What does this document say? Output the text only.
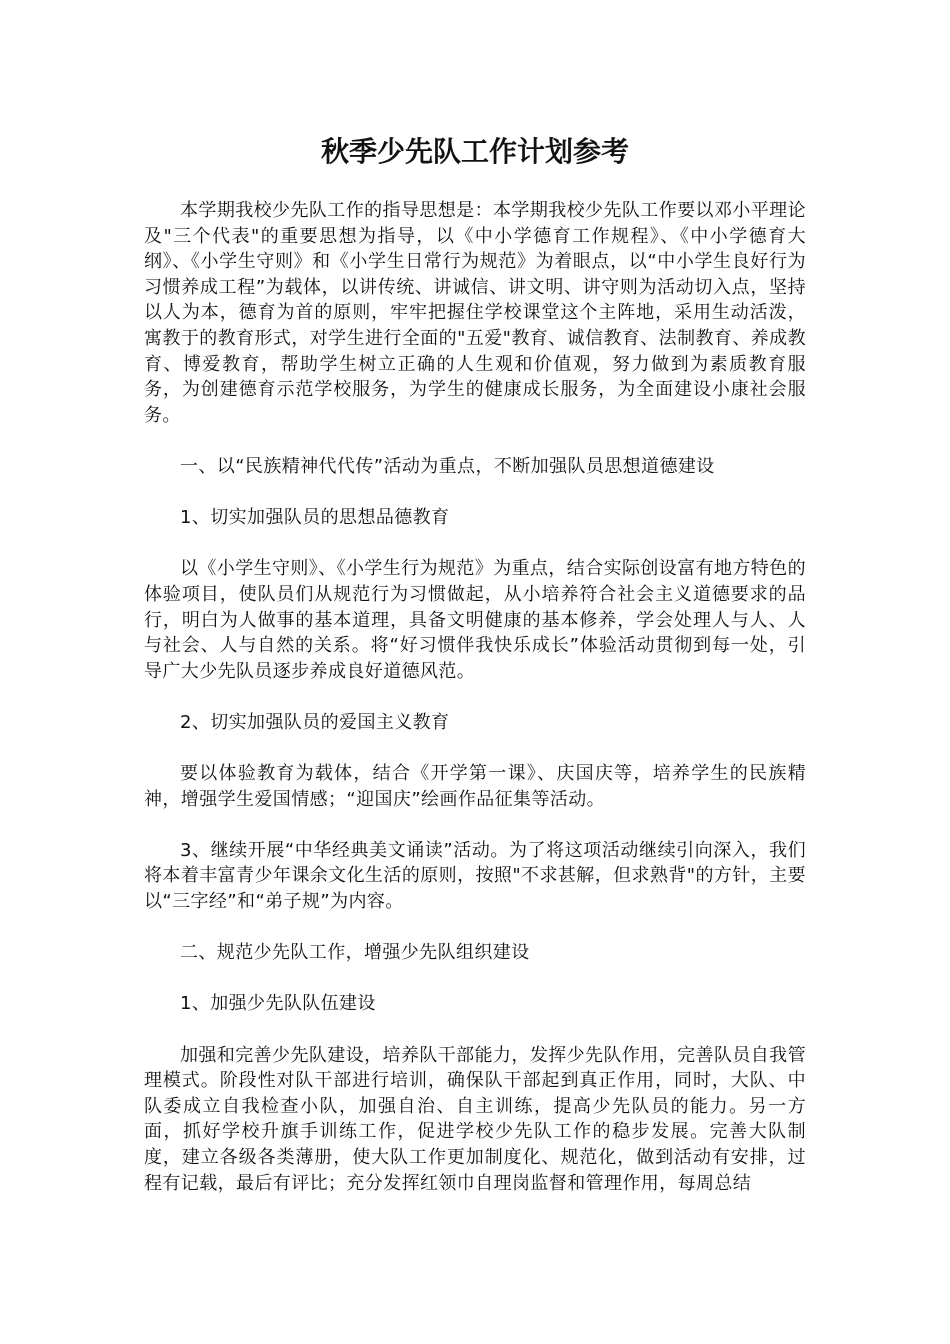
秋季少先队工作计划参考

本学期我校少先队工作的指导思想是：本学期我校少先队工作要以邓小平理论及"三个代表"的重要思想为指导，以《中小学德育工作规程》、《中小学德育大纲》、《小学生守则》和《小学生日常行为规范》为着眼点，以“中小学生良好行为习惯养成工程”为载体，以讲传统、讲诚信、讲文明、讲守则为活动切入点，坚持以人为本，德育为首的原则，牢牢把握住学校课堂这个主阵地，采用生动活泼，寓教于的教育形式，对学生进行全面的"五爱"教育、诚信教育、法制教育、养成教育、博爱教育，帮助学生树立正确的人生观和价值观，努力做到为素质教育服务，为创建德育示范学校服务，为学生的健康成长服务，为全面建设小康社会服务。

一、以“民族精神代代传”活动为重点，不断加强队员思想道德建设

1、切实加强队员的思想品德教育

以《小学生守则》、《小学生行为规范》为重点，结合实际创设富有地方特色的体验项目，使队员们从规范行为习惯做起，从小培养符合社会主义道德要求的品行，明白为人做事的基本道理，具备文明健康的基本修养，学会处理人与人、人与社会、人与自然的关系。将“好习惯伴我快乐成长”体验活动贯彻到每一处，引导广大少先队员逐步养成良好道德风范。

2、切实加强队员的爱国主义教育

要以体验教育为载体，结合《开学第一课》、庆国庆等，培养学生的民族精神，增强学生爱国情感；“迎国庆”绘画作品征集等活动。

3、继续开展“中华经典美文诵读”活动。为了将这项活动继续引向深入，我们将本着丰富青少年课余文化生活的原则，按照"不求甚解，但求熟背"的方针，主要以“三字经”和“弟子规”为内容。

二、规范少先队工作，增强少先队组织建设

1、加强少先队队伍建设

加强和完善少先队建设，培养队干部能力，发挥少先队作用，完善队员自我管理模式。阶段性对队干部进行培训，确保队干部起到真正作用，同时，大队、中队委成立自我检查小队，加强自治、自主训练，提高少先队员的能力。另一方面，抓好学校升旗手训练工作，促进学校少先队工作的稳步发展。完善大队制度，建立各级各类薄册，使大队工作更加制度化、规范化，做到活动有安排，过程有记载，最后有评比；充分发挥红领巾自理岗监督和管理作用，每周总结
